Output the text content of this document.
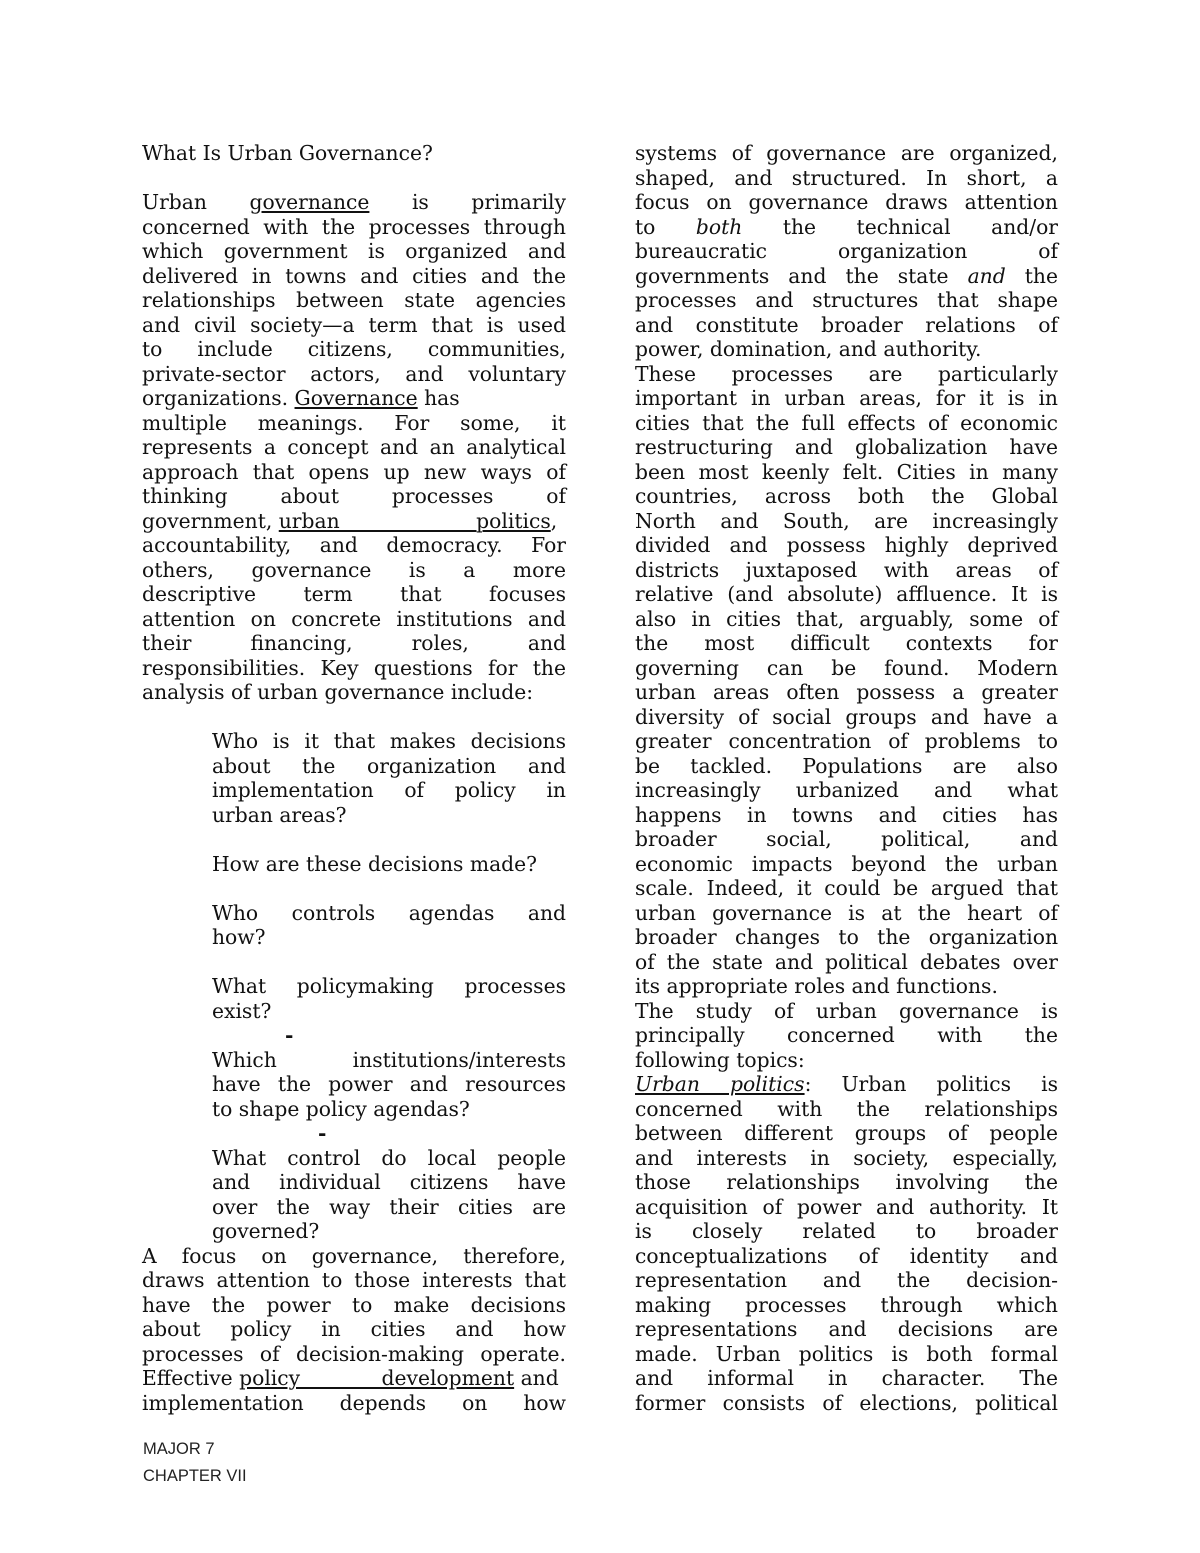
What Is Urban Governance?

Urban governance is primarily

concerned with the processes through

which government is organized and

delivered in towns and cities and the

relationships between state agencies

and civil society—a term that is used

to include citizens, communities,

private-sector actors, and voluntary

organizations. Governance has

multiple meanings. For some, it

represents a concept and an analytical

approach that opens up new ways of

thinking about processes of

government, urban politics,

accountability, and democracy. For

others, governance is a more

descriptive term that focuses

attention on concrete institutions and

their financing, roles, and

responsibilities. Key questions for the

analysis of urban governance include:

Who is it that makes decisions

about the organization and

implementation of policy in

urban areas?

How are these decisions made?

Who controls agendas and

how?

What policymaking processes

exist?

-

Which institutions/interests

have the power and resources

to shape policy agendas?

-

What control do local people

and individual citizens have

over the way their cities are

governed?

A focus on governance, therefore,

draws attention to those interests that

have the power to make decisions

about policy in cities and how

processes of decision-making operate.

Effective policy development and

implementation depends on how

systems of governance are organized,

shaped, and structured. In short, a

focus on governance draws attention

to both the technical and/or

bureaucratic organization of

governments and the state and the

processes and structures that shape

and constitute broader relations of

power, domination, and authority.

These processes are particularly

important in urban areas, for it is in

cities that the full effects of economic

restructuring and globalization have

been most keenly felt. Cities in many

countries, across both the Global

North and South, are increasingly

divided and possess highly deprived

districts juxtaposed with areas of

relative (and absolute) affluence. It is

also in cities that, arguably, some of

the most difficult contexts for

governing can be found. Modern

urban areas often possess a greater

diversity of social groups and have a

greater concentration of problems to

be tackled. Populations are also

increasingly urbanized and what

happens in towns and cities has

broader social, political, and

economic impacts beyond the urban

scale. Indeed, it could be argued that

urban governance is at the heart of

broader changes to the organization

of the state and political debates over

its appropriate roles and functions.

The study of urban governance is

principally concerned with the

following topics:

Urban politics: Urban politics is

concerned with the relationships

between different groups of people

and interests in society, especially,

those relationships involving the

acquisition of power and authority. It

is closely related to broader

conceptualizations of identity and

representation and the decision-

making processes through which

representations and decisions are

made. Urban politics is both formal

and informal in character. The

former consists of elections, political

MAJOR 7
CHAPTER VII
